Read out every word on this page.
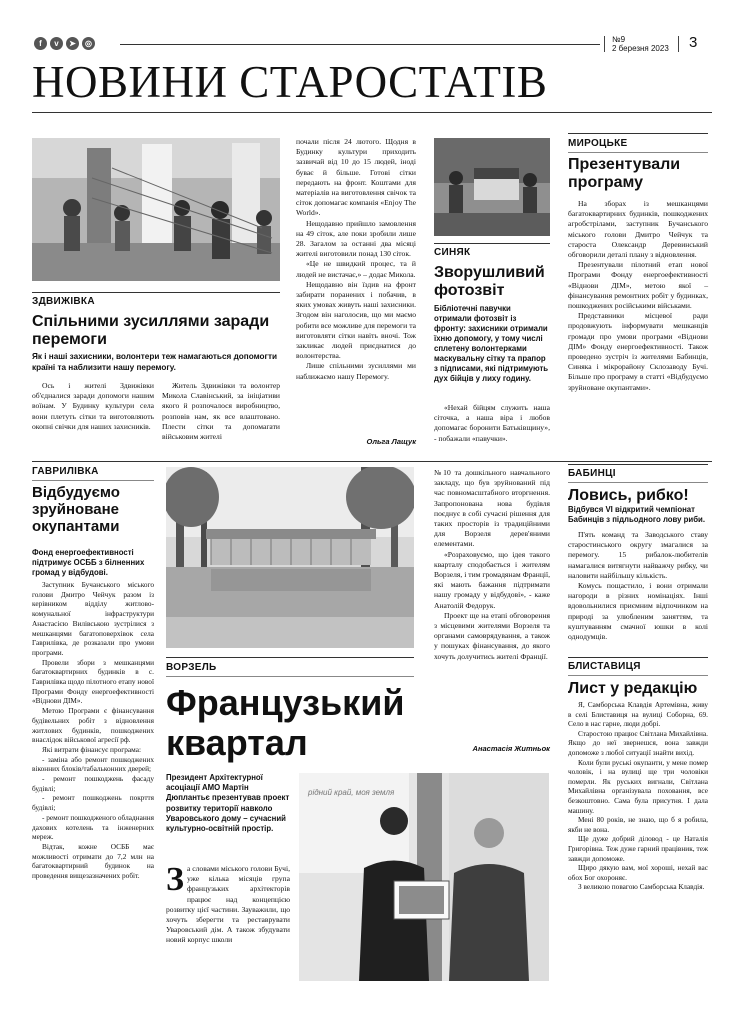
f	v	➤	◎	№9
2 березня 2023 3
НОВИНИ СТАРОСТАТІВ
ЗДВИЖІВКА
Спільними зусиллями заради перемоги
Як і наші захисники, волонтери теж намагаються допомогти країні та наблизити нашу перемогу.

Ось і жителі Здвижівки об'єдналися заради допомоги нашим воїнам. У Будинку культури села вони плетуть сітки та виготовляють окопні свічки для наших захисників.

Житель Здвижівки та волонтер Микола Славінський, за ініціативи якого й розпочалося виробництво, розповів нам, як все влаштовано. Плести сітки та допомагати військовим жителі

почали після 24 лютого. Щодня в Будинку культури приходить зазвичай від 10 до 15 людей, іноді буває й більше. Готові сітки передають на фронт. Коштами для матеріалів на виготовлення свічок та сіток допомагає компанія «Enjoy The World».

Нещодавно прийшло замовлення на 49 сіток, але поки зробили лише 28. Загалом за останні два місяці жителі виготовили понад 130 сіток.

«Це не швидкий процес, та й людей не вистачає,» – додає Микола.

Нещодавно він їздив на фронт забирати поранених і побачив, в яких умовах живуть наші захисники. Згодом він наголосив, що ми маємо робити все можливе для перемоги та виготовляти сітки навіть вночі. Тож закликає людей приєднатися до волонтерства.

Лише спільними зусиллями ми наближаємо нашу Перемогу.

Ольга Лащук
СИНЯК
Зворушливий фотозвіт
Бібліотечні павучки отримали фотозвіт із фронту: захисники отримали їхню допомогу, у тому числі сплетену волонтерками маскувальну сітку та прапор з підписами, які підтримують дух бійців у лиху годину.

«Нехай бійцям служить наша сіточка, а наша віра і любов допомагає боронити Батьківщину», - побажали «павучки».

МИРОЦЬКЕ
Презентували програму

На зборах із мешканцями багатоквартирних будинків, пошкоджених агробстрілами, заступник Бучанського міського голови Дмитро Чейчук та староста Олександр Деревинський обговорили деталі плану з відновлення.

Презентували пілотний етап нової Програми Фонду енергоефективності «Віднови ДІМ», метою якої – фінансування ремонтних робіт у будинках, пошкоджених російськими військами.

Представники місцевої ради продовжують інформувати мешканців громади про умови програми «Віднови ДІМ» Фонду енергоефективності. Також проведено зустріч із жителями Бабинців, Синяка і мікрорайону Склозаводу Бучі. Більше про програму в статті «Відбудуємо зруйноване окупантами».

ГАВРИЛІВКА
Відбудуємо зруйноване окупантами
Фонд енергоефективності підтримує ОСББ з білненних громад у відбудові.

Заступник Бучанського міського голови Дмитро Чейчук разом із керівником відділу житлово-комунальної інфраструктури Анастасією Вилівською зустрілися з мешканцями багатоповерхівок села Гаврилівка, де розказали про умови програми.

Провели збори з мешканцями багатоквартирних будинків в с. Гаврилівка щодо пілотного етапу нової Програми Фонду енергоефективності «Віднови ДІМ».

Метою Програми є фінансування будівельних робіт з відновлення житлових будинків, пошкоджених внаслідок військової агресії рф.

Які витрати фінансує програма:

- заміна або ремонт пошкоджених віконних блоків/табальконних дверей;

- ремонт пошкоджень фасаду будівлі;

- ремонт пошкоджень покрття будівлі;

- ремонт пошкодженого обладнання дахових котелень та інженерних мереж.

Відтак, кожне ОСББ має можливості отримати до 7,2 млн на багатоквартирний будинок на проведення вищезазначених робіт.

ВОРЗЕЛЬ
Французький квартал
Президент Архітектурної асоціації АМО Мартін Дюплантьє презентував проект розвитку території навколо Уваровського дому – сучасний культурно-освітній простір.
З а словами міського голови Бучі, уже кілька місяців група французьких архітекторів працює над концепцією розвитку цієї частини. Зауважили, що хочуть зберегти та реставрувати Уваровський дім. А також збудувати новий корпус школи

№10 та дошкільного навчального закладу, що був зруйнований під час повномасштабного вторгнення. Запропонована нова будівля поєднує в собі сучасні рішення для таких просторів із традиційними для Ворзеля дерев'яними елементами.

«Розраховуємо, що ідея такого кварталу сподобається і жителям Ворзеля, і тим громадянам Франції, які мають бажання підтримати нашу громаду у відбудові», - каже Анатолій Федорук.

Проект ще на етапі обговорення з місцевими жителями Ворзеля та органами самоврядування, а також у пошуках фінансування, до якого хочуть долучитись жителі Франції.

Анастасія Житньок
рідний край, моя земля
БАБИНЦІ
Ловись, рибко!
Відбувся VI відкритий чемпіонат Бабинців з підльодного лову риби.

П'ять команд та Заводського ставу старостинського округу змагалися за перемогу. 15 рибалок-любителів намагалися витягнути найважчу рибку, чи наловити найбільшу кількість.

Комусь пощастило, і вони отримали нагороди в різних номінаціях. Інші вдовольнилися приємним відпочинком на природі за улюбленим заняттям, та куштуванням смачної юшки в колі однодумців.

БЛИСТАВИЦЯ
Лист у редакцію

Я, Самборська Клавдія Артемівна, живу в селі Блиставиця на вулиці Соборна, 69. Село в нас гарне, люди добрі.

Старостою працює Світлана Михайлівна. Якщо до неї звернешся, вона завжди допоможе з любої ситуації знайти вихід.

Коли були руські окупанти, у мене помер чоловік, і на вулиці ще три чоловіки померли. Як руських вигнали, Світлана Михайлівна організувала поховання, все безкоштовно. Сама була присутня. І дала машину.

Мені 80 років, не знаю, що б я робила, якби не вона.

Ще дуже добрий діловод - це Наталія Григорівна. Теж дуже гарний працівник, теж завжди допоможе.

Щиро дякую вам, мої хороші, нехай вас обох Бог охороняє.

З великою повагою Самборська Клавдія.
